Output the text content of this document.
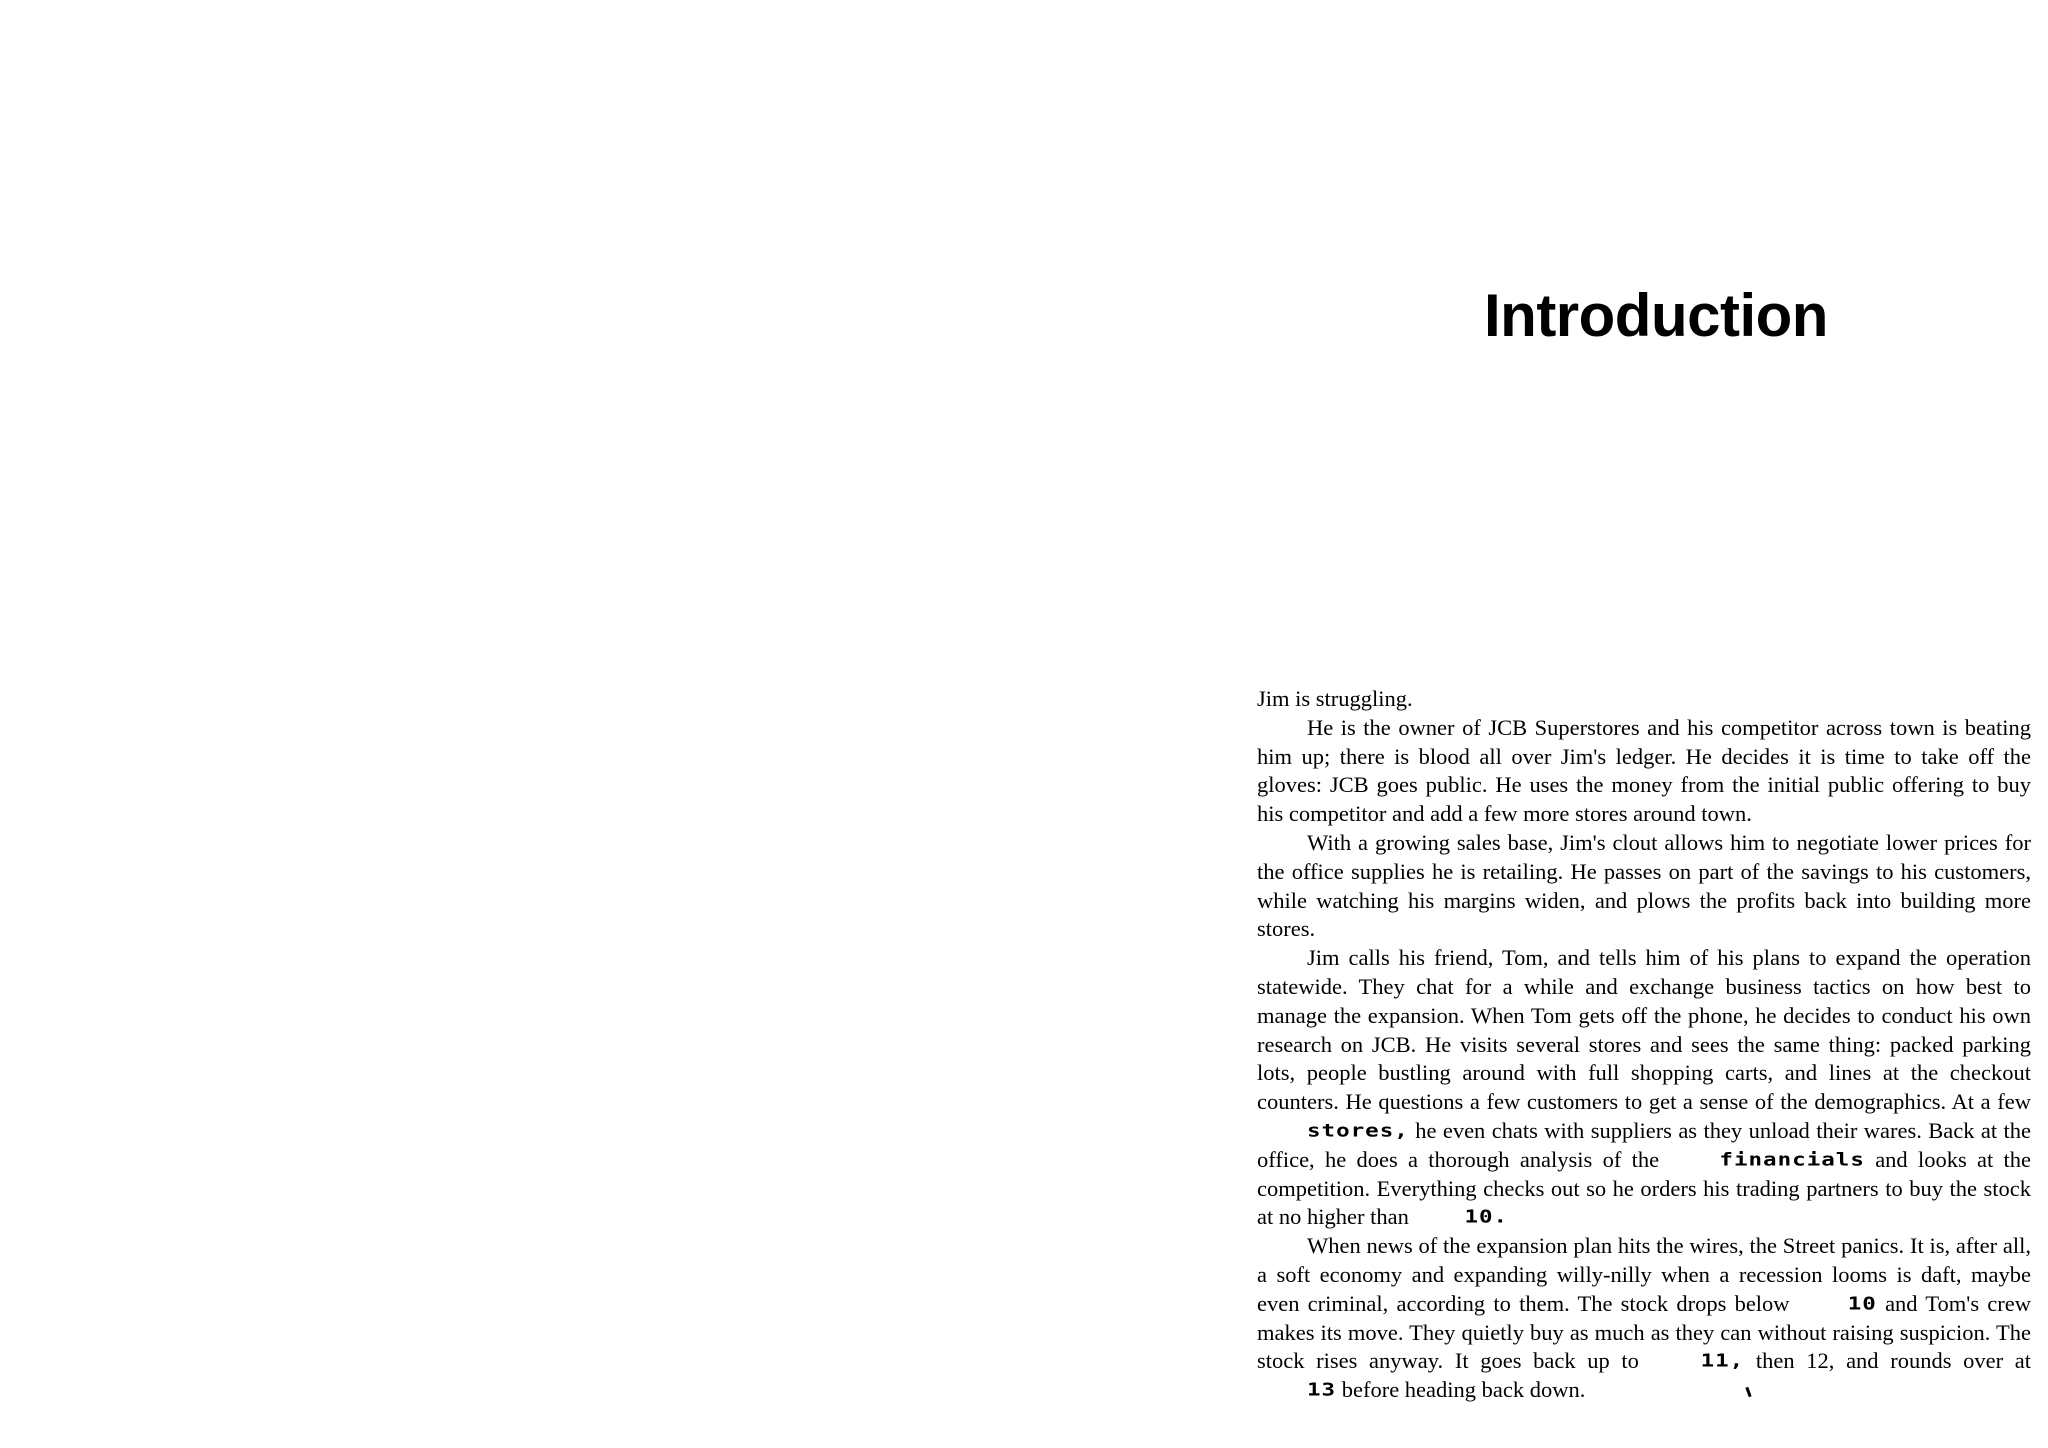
Introduction

Jim is struggling.

He is the owner of JCB Superstores and his competitor across town is beating him up; there is blood all over Jim's ledger. He decides it is time to take off the gloves: JCB goes public. He uses the money from the initial public offering to buy his competitor and add a few more stores around town.

With a growing sales base, Jim's clout allows him to negotiate lower prices for the office supplies he is retailing. He passes on part of the savings to his customers, while watching his margins widen, and plows the profits back into building more stores.

Jim calls his friend, Tom, and tells him of his plans to expand the operation statewide. They chat for a while and exchange business tactics on how best to manage the expansion. When Tom gets off the phone, he decides to conduct his own research on JCB. He visits several stores and sees the same thing: packed parking lots, people bustling around with full shopping carts, and lines at the checkout counters. He questions a few customers to get a sense of the demographics. At a few stores, he even chats with suppliers as they unload their wares. Back at the office, he does a thorough analysis of the	financials and looks at the competition. Everything checks out so he orders his trading partners to buy the stock at no higher than 10.

When news of the expansion plan hits the wires, the Street panics. It is, after all, a soft economy and expanding willy-nilly when a recession looms is daft, maybe even criminal, according to them. The stock drops below	10 and Tom's crew makes its move. They quietly buy as much as they can without raising suspicion. The stock rises anyway. It goes back up to	11, then 12, and rounds over at 13 before heading back down.
